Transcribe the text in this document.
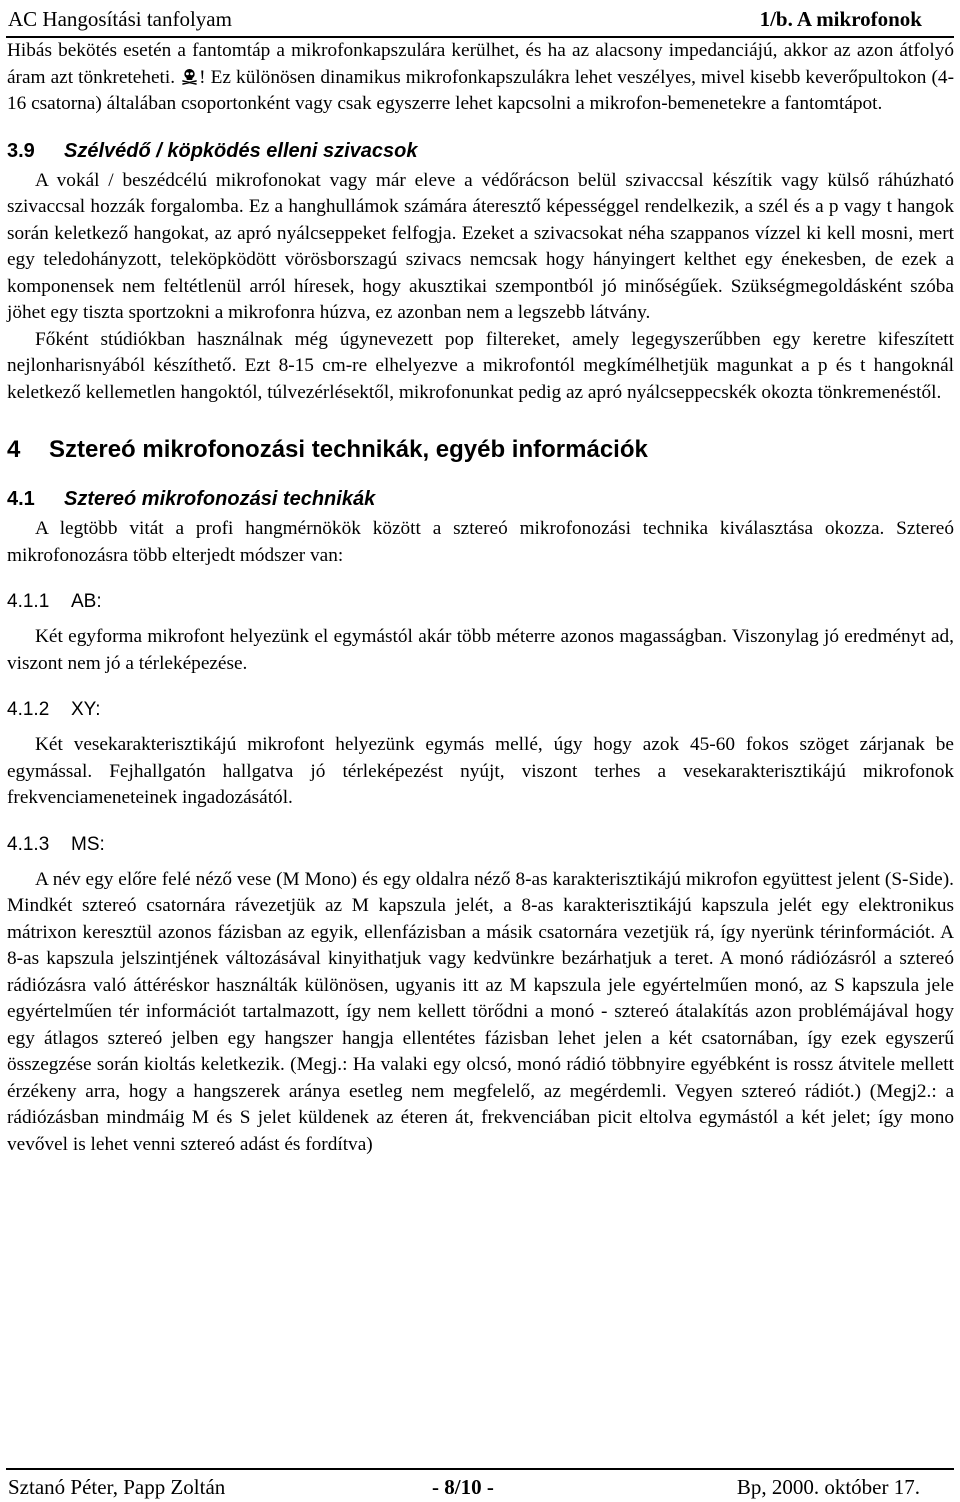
AC Hangosítási tanfolyam	1/b. A mikrofonok

Hibás bekötés esetén a fantomtáp a mikrofonkapszulára kerülhet, és ha az alacsony impedanciájú, akkor az azon átfolyó áram azt tönkreteheti. ! Ez különösen dinamikus mikrofonkapszulákra lehet veszélyes, mivel kisebb keverőpultokon (4-16 csatorna) általában csoportonként vagy csak egyszerre lehet kapcsolni a mikrofon-bemenetekre a fantomtápot.

3.9 Szélvédő / köpködés elleni szivacsok

A vokál / beszédcélú mikrofonokat vagy már eleve a védőrácson belül szivaccsal készítik vagy külső ráhúzható szivaccsal hozzák forgalomba. Ez a hanghullámok számára áteresztő képességgel rendelkezik, a szél és a p vagy t hangok során keletkező hangokat, az apró nyálcseppeket felfogja. Ezeket a szivacsokat néha szappanos vízzel ki kell mosni, mert egy teledohányzott, teleköpködött vörösborszagú szivacs nemcsak hogy hányingert kelthet egy énekesben, de ezek a komponensek nem feltétlenül arról híresek, hogy akusztikai szempontból jó minőségűek. Szükségmegoldásként szóba jöhet egy tiszta sportzokni a mikrofonra húzva, ez azonban nem a legszebb látvány.

Főként stúdiókban használnak még úgynevezett pop filtereket, amely legegyszerűbben egy keretre kifeszített nejlonharisnyából készíthető. Ezt 8-15 cm-re elhelyezve a mikrofontól megkímélhetjük magunkat a p és t hangoknál keletkező kellemetlen hangoktól, túlvezérlésektől, mikrofonunkat pedig az apró nyálcseppecskék okozta tönkremenéstől.

4 Sztereó mikrofonozási technikák, egyéb információk
4.1 Sztereó mikrofonozási technikák

A legtöbb vitát a profi hangmérnökök között a sztereó mikrofonozási technika kiválasztása okozza. Sztereó mikrofonozásra több elterjedt módszer van:

4.1.1 AB:

Két egyforma mikrofont helyezünk el egymástól akár több méterre azonos magasságban. Viszonylag jó eredményt ad, viszont nem jó a térleképezése.

4.1.2 XY:

Két vesekarakterisztikájú mikrofont helyezünk egymás mellé, úgy hogy azok 45-60 fokos szöget zárjanak be egymással. Fejhallgatón hallgatva jó térleképezést nyújt, viszont terhes a vesekarakterisztikájú mikrofonok frekvenciameneteinek ingadozásától.

4.1.3 MS:

A név egy előre felé néző vese (M Mono) és egy oldalra néző 8-as karakterisztikájú mikrofon együttest jelent (S-Side). Mindkét sztereó csatornára rávezetjük az M kapszula jelét, a 8-as karakterisztikájú kapszula jelét egy elektronikus mátrixon keresztül azonos fázisban az egyik, ellenfázisban a másik csatornára vezetjük rá, így nyerünk térinformációt. A 8-as kapszula jelszintjének változásával kinyithatjuk vagy kedvünkre bezárhatjuk a teret. A monó rádiózásról a sztereó rádiózásra való áttéréskor használták különösen, ugyanis itt az M kapszula jele egyértelműen monó, az S kapszula jele egyértelműen tér információt tartalmazott, így nem kellett törődni a monó - sztereó átalakítás azon problémájával hogy egy átlagos sztereó jelben egy hangszer hangja ellentétes fázisban lehet jelen a két csatornában, így ezek egyszerű összegzése során kioltás keletkezik. (Megj.: Ha valaki egy olcsó, monó rádió többnyire egyébként is rossz átvitele mellett érzékeny arra, hogy a hangszerek aránya esetleg nem megfelelő, az megérdemli. Vegyen sztereó rádiót.) (Megj2.: a rádiózásban mindmáig M és S jelet küldenek az éteren át, frekvenciában picit eltolva egymástól a két jelet; így mono vevővel is lehet venni sztereó adást és fordítva)

Sztanó Péter, Papp Zoltán	- 8/10 -	Bp, 2000. október 17.
